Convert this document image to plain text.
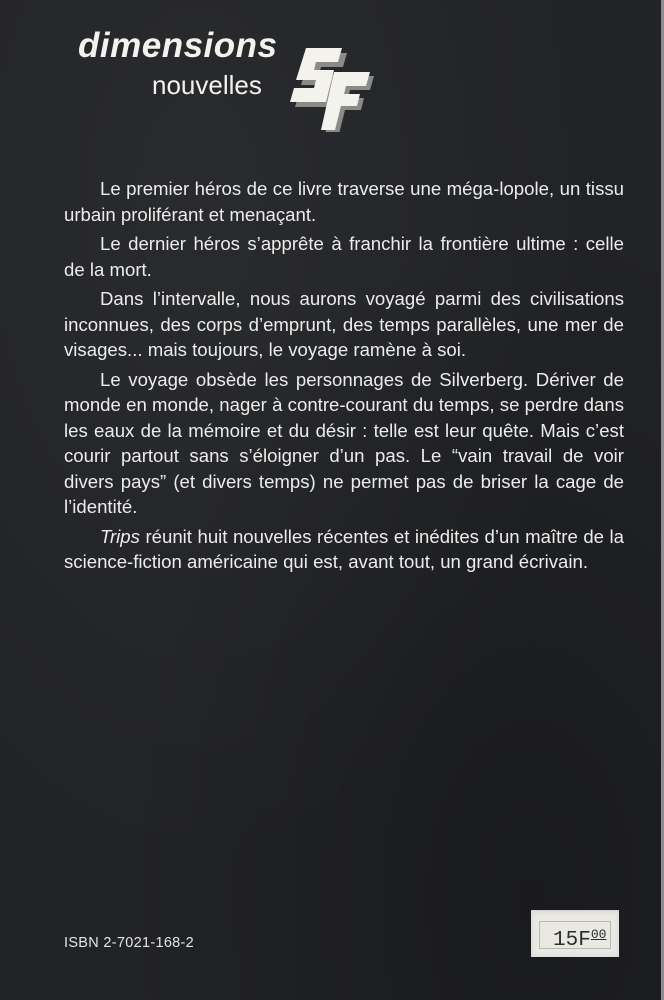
dimensions
nouvelles

Le premier héros de ce livre traverse une méga-lopole, un tissu urbain proliférant et menaçant.

Le dernier héros s’apprête à franchir la frontière ultime : celle de la mort.

Dans l’intervalle, nous aurons voyagé parmi des civilisations inconnues, des corps d’emprunt, des temps parallèles, une mer de visages... mais toujours, le voyage ramène à soi.

Le voyage obsède les personnages de Silverberg. Dériver de monde en monde, nager à contre-courant du temps, se perdre dans les eaux de la mémoire et du désir : telle est leur quête. Mais c’est courir partout sans s’éloigner d’un pas. Le “vain travail de voir divers pays” (et divers temps) ne permet pas de briser la cage de l’identité.

Trips réunit huit nouvelles récentes et inédites d’un maître de la science-fiction américaine qui est, avant tout, un grand écrivain.

ISBN 2-7021-168-2	$15F^{00}$
